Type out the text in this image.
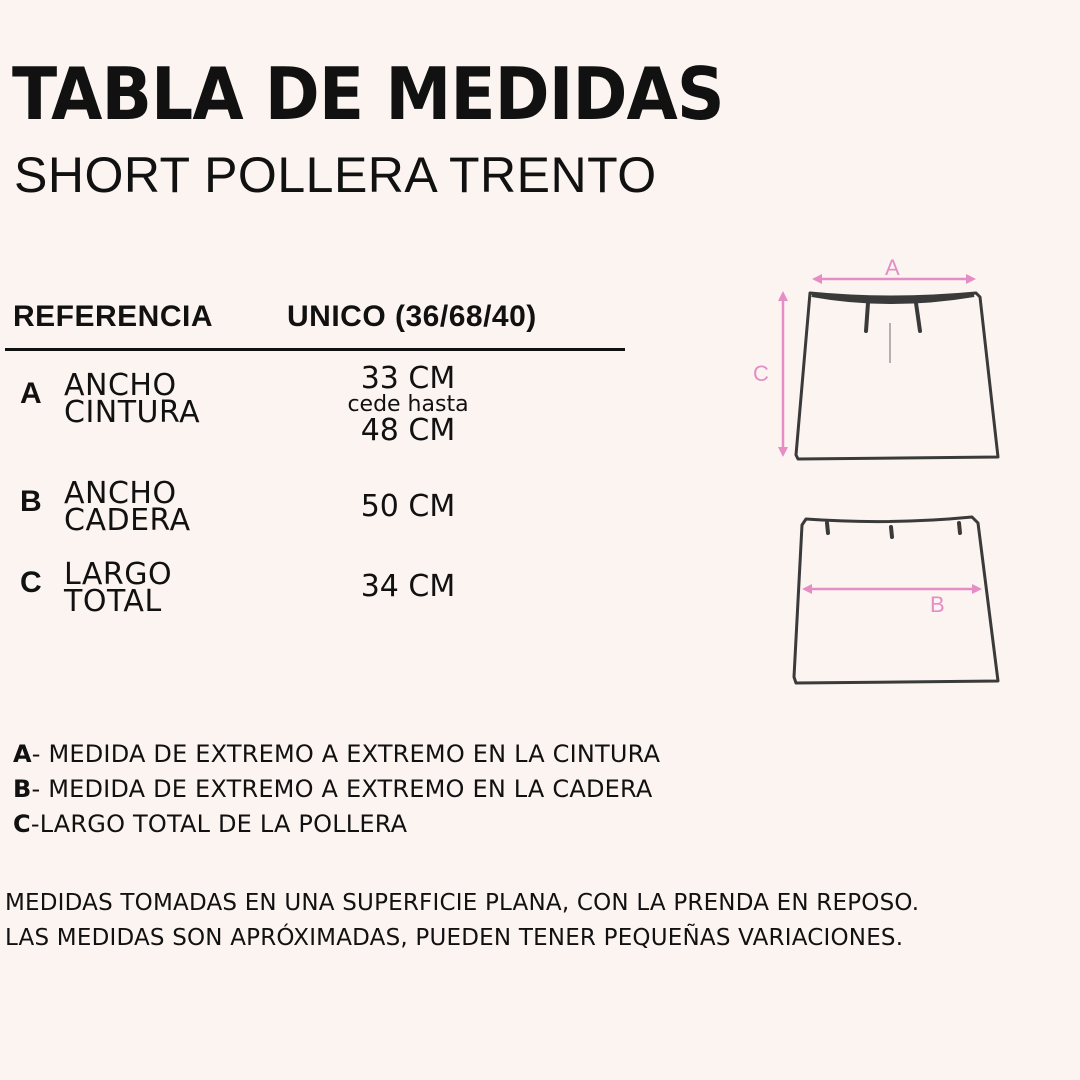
TABLA DE MEDIDAS
SHORT POLLERA TRENTO
REFERENCIA UNICO (36/68/40)
A ANCHO
CINTURA
33 CM
cede hasta
48 CM
B ANCHO
CADERA	50 CM
C LARGO
TOTAL	34 CM
A
C
B
A- MEDIDA DE EXTREMO A EXTREMO EN LA CINTURA
B- MEDIDA DE EXTREMO A EXTREMO EN LA CADERA
C-LARGO TOTAL DE LA POLLERA
MEDIDAS TOMADAS EN UNA SUPERFICIE PLANA, CON LA PRENDA EN REPOSO.
LAS MEDIDAS SON APRÓXIMADAS, PUEDEN TENER PEQUEÑAS VARIACIONES.
